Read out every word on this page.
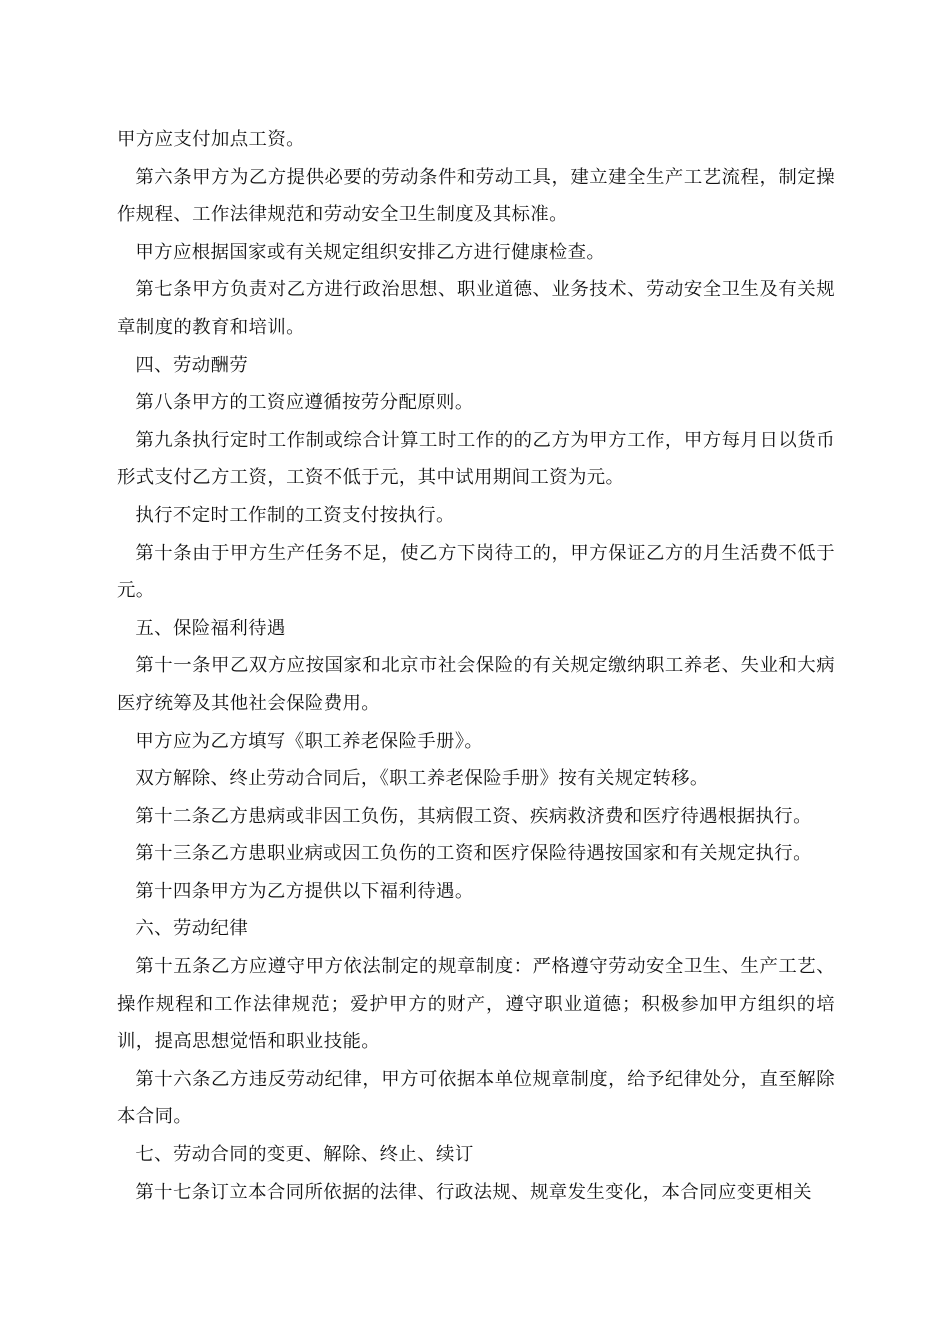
甲方应支付加点工资。

第六条甲方为乙方提供必要的劳动条件和劳动工具，建立建全生产工艺流程，制定操作规程、工作法律规范和劳动安全卫生制度及其标准。

甲方应根据国家或有关规定组织安排乙方进行健康检查。

第七条甲方负责对乙方进行政治思想、职业道德、业务技术、劳动安全卫生及有关规章制度的教育和培训。

四、劳动酬劳

第八条甲方的工资应遵循按劳分配原则。

第九条执行定时工作制或综合计算工时工作的的乙方为甲方工作，甲方每月日以货币形式支付乙方工资，工资不低于元，其中试用期间工资为元。

执行不定时工作制的工资支付按执行。

第十条由于甲方生产任务不足，使乙方下岗待工的，甲方保证乙方的月生活费不低于元。

五、保险福利待遇

第十一条甲乙双方应按国家和北京市社会保险的有关规定缴纳职工养老、失业和大病医疗统筹及其他社会保险费用。

甲方应为乙方填写《职工养老保险手册》。

双方解除、终止劳动合同后，《职工养老保险手册》按有关规定转移。

第十二条乙方患病或非因工负伤，其病假工资、疾病救济费和医疗待遇根据执行。

第十三条乙方患职业病或因工负伤的工资和医疗保险待遇按国家和有关规定执行。

第十四条甲方为乙方提供以下福利待遇。

六、劳动纪律

第十五条乙方应遵守甲方依法制定的规章制度：严格遵守劳动安全卫生、生产工艺、操作规程和工作法律规范；爱护甲方的财产，遵守职业道德；积极参加甲方组织的培训，提高思想觉悟和职业技能。

第十六条乙方违反劳动纪律，甲方可依据本单位规章制度，给予纪律处分，直至解除本合同。

七、劳动合同的变更、解除、终止、续订

第十七条订立本合同所依据的法律、行政法规、规章发生变化，本合同应变更相关
